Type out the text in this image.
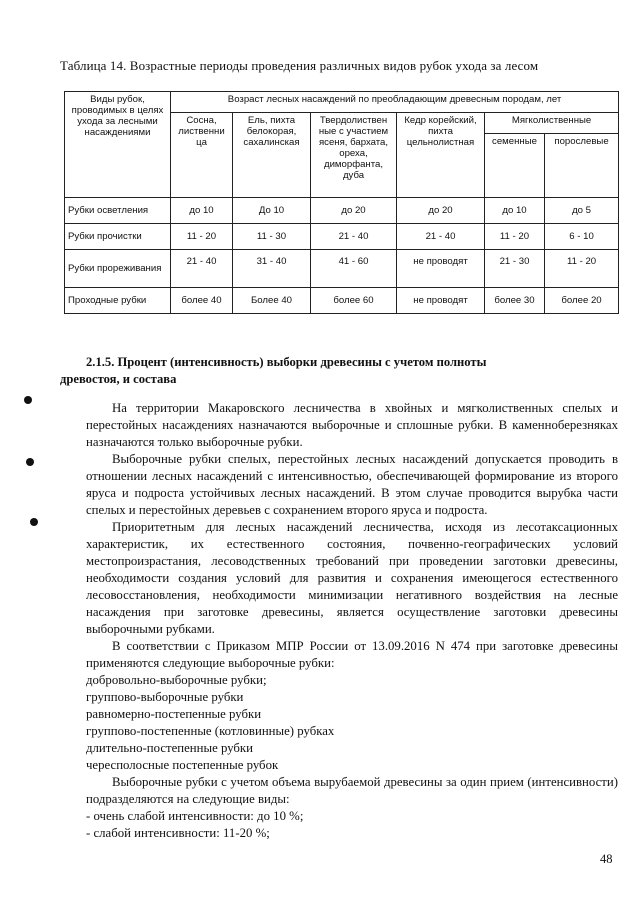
Таблица 14. Возрастные периоды проведения различных видов рубок ухода за лесом
Виды рубок, проводимых в целях ухода за лесными насаждениями	Возраст лесных насаждений по преобладающим древесным породам, лет					
	Сосна, лиственни ца	Ель, пихта белокорая, сахалинская	Твердолиствен ные с участием ясеня, бархата, ореха, диморфанта, дуба	Кедр корейский, пихта цельнолистная	Мягколиственные	
					семенные	порослевые
Рубки осветления	до 10	До 10	до 20	до 20	до 10	до 5
Рубки прочистки	11 - 20	11 - 30	21 - 40	21 - 40	11 - 20	6 - 10
Рубки прореживания	21 - 40	31 - 40	41 - 60	не проводят	21 - 30	11 - 20
Проходные рубки	более 40	Более 40	более 60	не проводят	более 30	более 20
2.1.5. Процент (интенсивность) выборки древесины с учетом полноты
древостоя, и состава

На территории Макаровского лесничества в хвойных и мягколиственных спелых и перестойных насаждениях назначаются выборочные и сплошные рубки. В каменноберезняках назначаются только выборочные рубки.

Выборочные рубки спелых, перестойных лесных насаждений допускается проводить в отношении лесных насаждений с интенсивностью, обеспечивающей формирование из второго яруса и подроста устойчивых лесных насаждений. В этом случае проводится вырубка части спелых и перестойных деревьев с сохранением второго яруса и подроста.

Приоритетным для лесных насаждений лесничества, исходя из лесотаксационных характеристик, их естественного состояния, почвенно-географических условий местопроизрастания, лесоводственных требований при проведении заготовки древесины, необходимости создания условий для развития и сохранения имеющегося естественного лесовосстановления, необходимости минимизации негативного воздействия на лесные насаждения при заготовке древесины, является осуществление заготовки древесины выборочными рубками.

В соответствии с Приказом МПР России от 13.09.2016 N 474 при заготовке древесины применяются следующие выборочные рубки:

добровольно-выборочные рубки;

группово-выборочные рубки

равномерно-постепенные рубки

группово-постепенные (котловинные) рубках

длительно-постепенные рубки

чересполосные постепенные рубок

Выборочные рубки с учетом объема вырубаемой древесины за один прием (интенсивности) подразделяются на следующие виды:

- очень слабой интенсивности: до 10 %;

- слабой интенсивности: 11-20 %;

48
